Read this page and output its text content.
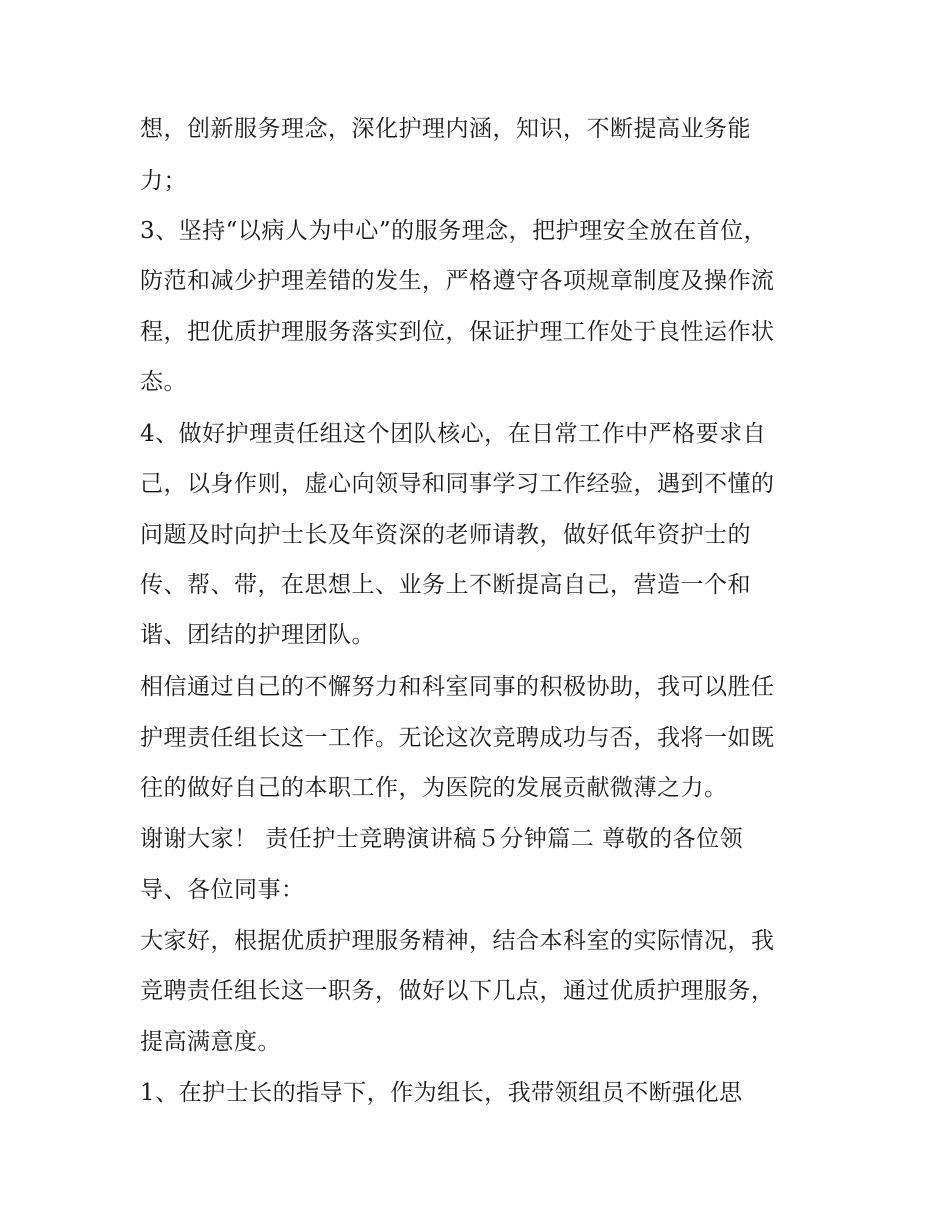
想，创新服务理念，深化护理内涵，知识，不断提高业务能
力；
3、坚持“以病人为中心”的服务理念，把护理安全放在首位，
防范和减少护理差错的发生，严格遵守各项规章制度及操作流
程，把优质护理服务落实到位，保证护理工作处于良性运作状
态。
4、做好护理责任组这个团队核心，在日常工作中严格要求自
己，以身作则，虚心向领导和同事学习工作经验，遇到不懂的
问题及时向护士长及年资深的老师请教，做好低年资护士的
传、帮、带，在思想上、业务上不断提高自己，营造一个和
谐、团结的护理团队。
相信通过自己的不懈努力和科室同事的积极协助，我可以胜任
护理责任组长这一工作。无论这次竞聘成功与否，我将一如既
往的做好自己的本职工作，为医院的发展贡献微薄之力。
谢谢大家！ 责任护士竞聘演讲稿５分钟篇二 尊敬的各位领
导、各位同事：
大家好，根据优质护理服务精神，结合本科室的实际情况，我
竞聘责任组长这一职务，做好以下几点，通过优质护理服务，
提高满意度。
1、在护士长的指导下，作为组长，我带领组员不断强化思
